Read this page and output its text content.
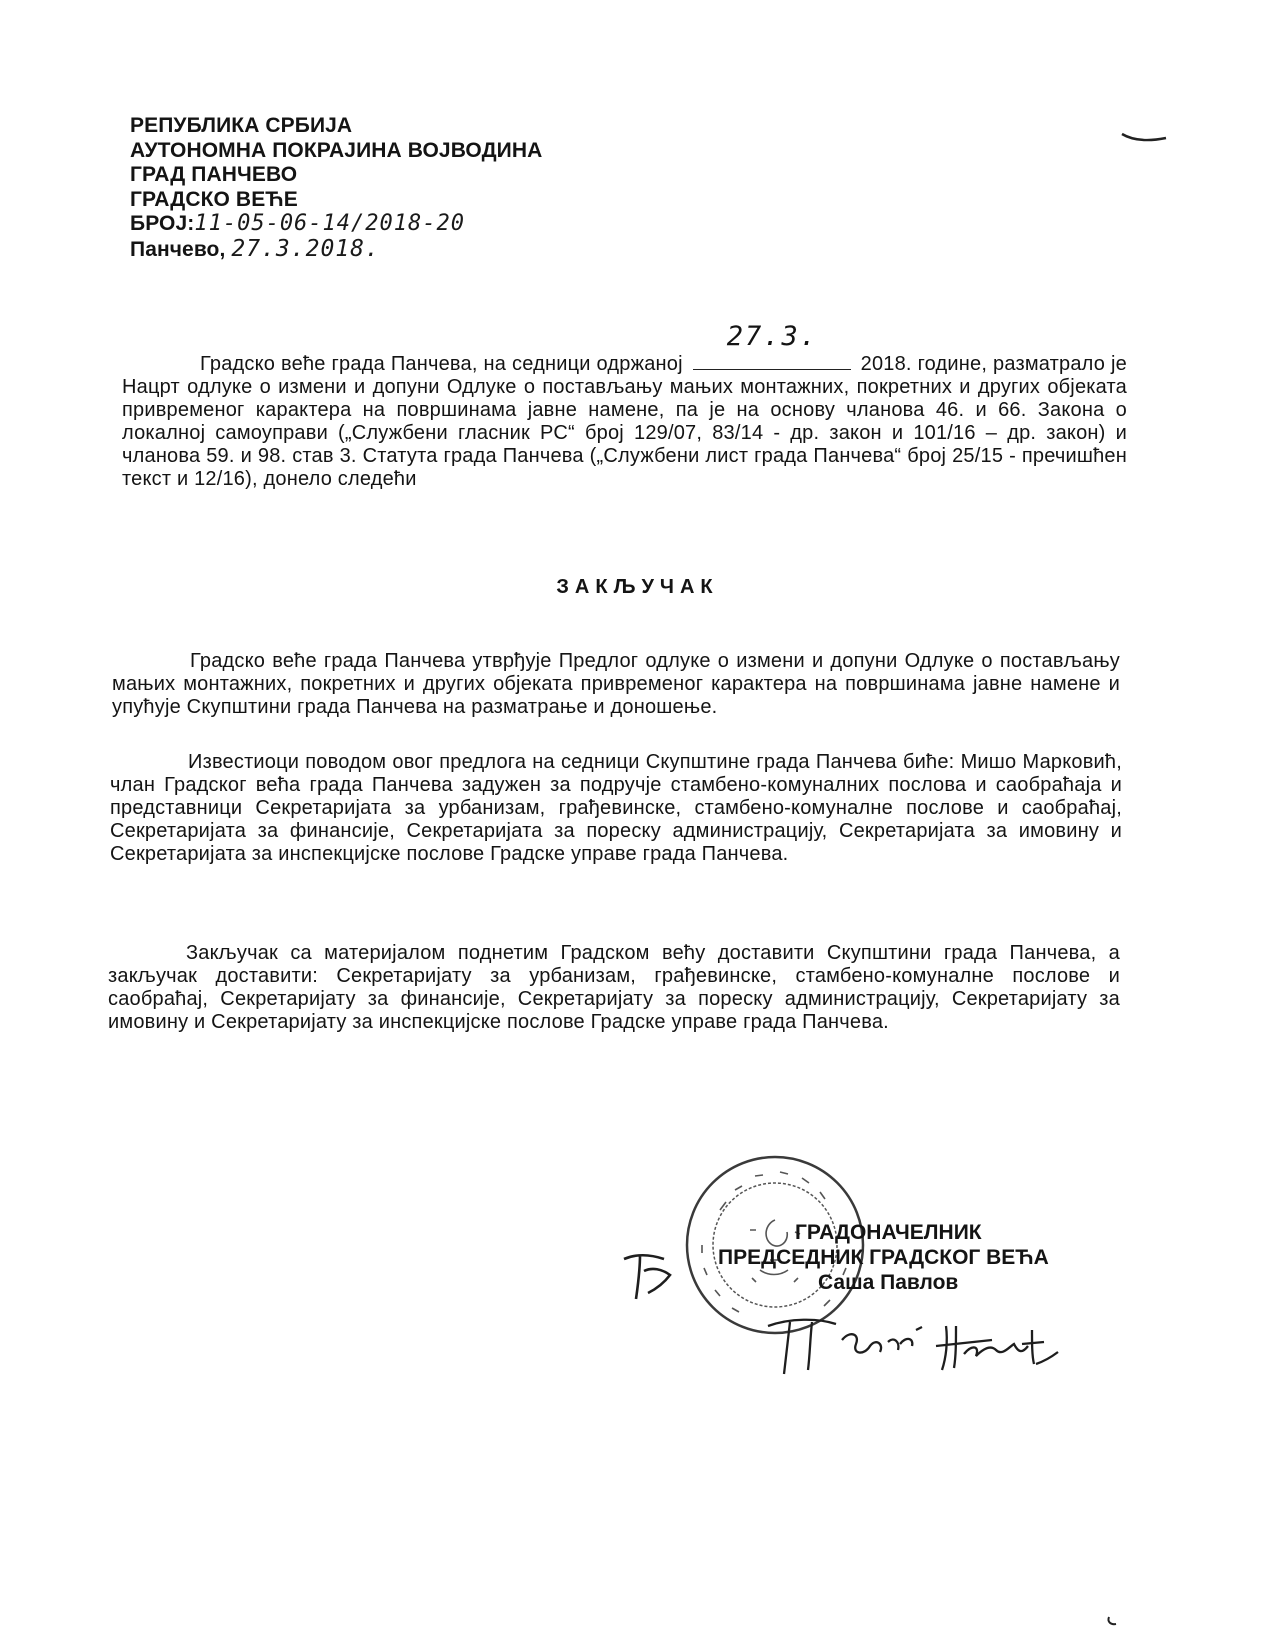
РЕПУБЛИКА СРБИЈА
АУТОНОМНА ПОКРАЈИНА ВОЈВОДИНА
ГРАД ПАНЧЕВО
ГРАДСКО ВЕЋЕ
БРОЈ:11-05-06-14/2018-20
Панчево, 27.3.2018.
Градско веће града Панчева, на седници одржаној
27.3.
2018. године, разматрало је Нацрт одлуке о измени и допуни Одлуке о постављању мањих монтажних, покретних и других објеката привременог карактера на површинама јавне намене, па је на основу чланова 46. и 66. Закона о локалној самоуправи („Службени гласник РС“ број 129/07, 83/14 - др. закон и 101/16 – др. закон) и чланова 59. и 98. став 3. Статута града Панчева („Службени лист града Панчева“ број 25/15 - пречишћен текст и 12/16), донело следећи
ЗАКЉУЧАК
Градско веће града Панчева утврђује Предлог одлуке о измени и допуни Одлуке о постављању мањих монтажних, покретних и других објеката привременог карактера на површинама јавне намене и упућује Скупштини града Панчева на разматрање и доношење.
Известиоци поводом овог предлога на седници Скупштине града Панчева биће: Мишо Марковић, члан Градског већа града Панчева задужен за подручје стамбено-комуналних послова и саобраћаја и представници Секретаријата за урбанизам, грађевинске, стамбено-комуналне послове и саобраћај, Секретаријата за финансије, Секретаријата за пореску администрацију, Секретаријата за имовину и Секретаријата за инспекцијске послове Градске управе града Панчева.
Закључак са материјалом поднетим Градском већу доставити Скупштини града Панчева, а закључак доставити: Секретаријату за урбанизам, грађевинске, стамбено-комуналне послове и саобраћај, Секретаријату за финансије, Секретаријату за пореску администрацију, Секретаријату за имовину и Секретаријату за инспекцијске послове Градске управе града Панчева.
ГРАДОНАЧЕЛНИК
ПРЕДСЕДНИК ГРАДСКОГ ВЕЋА
Саша Павлов
